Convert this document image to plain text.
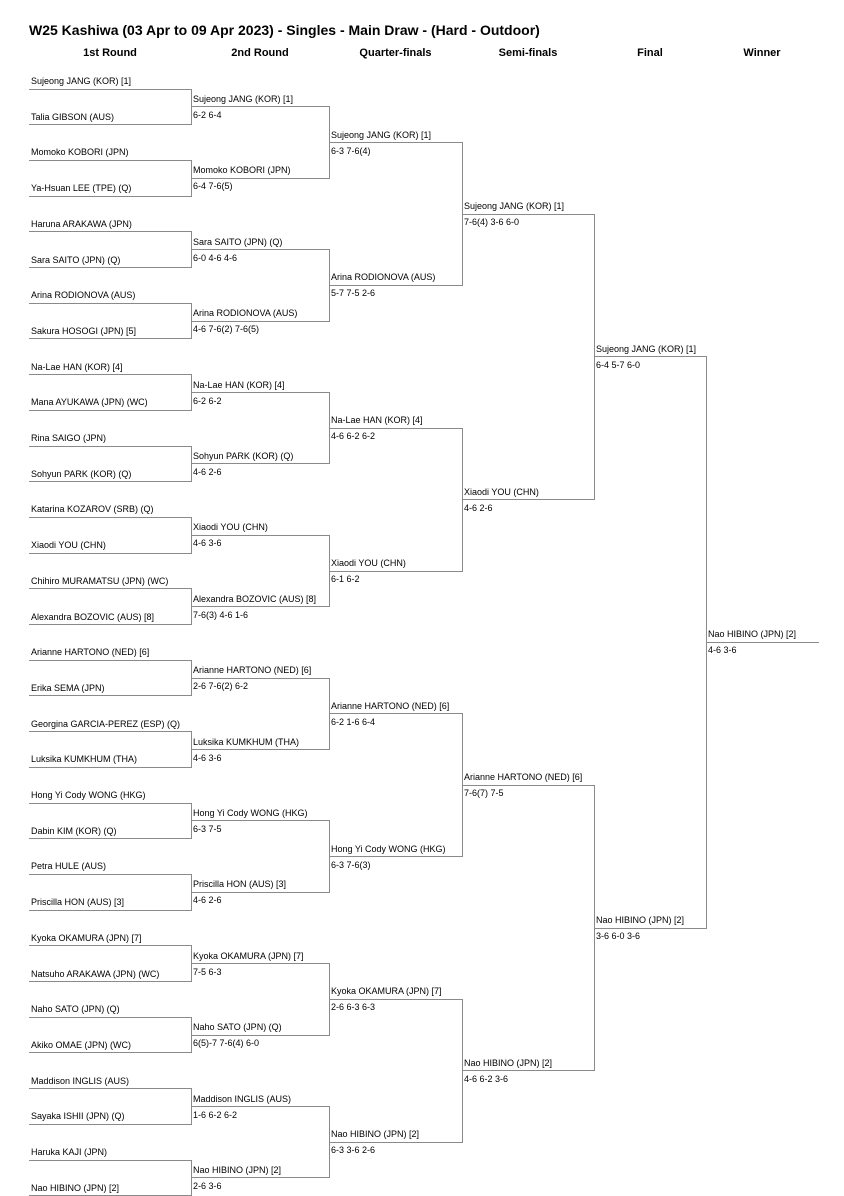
W25 Kashiwa (03 Apr to 09 Apr 2023) - Singles - Main Draw - (Hard - Outdoor)
1st Round	2nd Round	Quarter-finals	Semi-finals	Final	Winner
Sujeong JANG (KOR) [1]
Talia GIBSON (AUS)
Momoko KOBORI (JPN)
Ya-Hsuan LEE (TPE) (Q)
Haruna ARAKAWA (JPN)
Sara SAITO (JPN) (Q)
Arina RODIONOVA (AUS)
Sakura HOSOGI (JPN) [5]
Na-Lae HAN (KOR) [4]
Mana AYUKAWA (JPN) (WC)
Rina SAIGO (JPN)
Sohyun PARK (KOR) (Q)
Katarina KOZAROV (SRB) (Q)
Xiaodi YOU (CHN)
Chihiro MURAMATSU (JPN) (WC)
Alexandra BOZOVIC (AUS) [8]
Arianne HARTONO (NED) [6]
Erika SEMA (JPN)
Georgina GARCIA-PEREZ (ESP) (Q)
Luksika KUMKHUM (THA)
Hong Yi Cody WONG (HKG)
Dabin KIM (KOR) (Q)
Petra HULE (AUS)
Priscilla HON (AUS) [3]
Kyoka OKAMURA (JPN) [7]
Natsuho ARAKAWA (JPN) (WC)
Naho SATO (JPN) (Q)
Akiko OMAE (JPN) (WC)
Maddison INGLIS (AUS)
Sayaka ISHII (JPN) (Q)
Haruka KAJI (JPN)
Nao HIBINO (JPN) [2]
Sujeong JANG (KOR) [1]
6-2 6-4
Momoko KOBORI (JPN)
6-4 7-6(5)
Sara SAITO (JPN) (Q)
6-0 4-6 4-6
Arina RODIONOVA (AUS)
4-6 7-6(2) 7-6(5)
Na-Lae HAN (KOR) [4]
6-2 6-2
Sohyun PARK (KOR) (Q)
4-6 2-6
Xiaodi YOU (CHN)
4-6 3-6
Alexandra BOZOVIC (AUS) [8]
7-6(3) 4-6 1-6
Arianne HARTONO (NED) [6]
2-6 7-6(2) 6-2
Luksika KUMKHUM (THA)
4-6 3-6
Hong Yi Cody WONG (HKG)
6-3 7-5
Priscilla HON (AUS) [3]
4-6 2-6
Kyoka OKAMURA (JPN) [7]
7-5 6-3
Naho SATO (JPN) (Q)
6(5)-7 7-6(4) 6-0
Maddison INGLIS (AUS)
1-6 6-2 6-2
Nao HIBINO (JPN) [2]
2-6 3-6
Sujeong JANG (KOR) [1]
6-3 7-6(4)
Arina RODIONOVA (AUS)
5-7 7-5 2-6
Na-Lae HAN (KOR) [4]
4-6 6-2 6-2
Xiaodi YOU (CHN)
6-1 6-2
Arianne HARTONO (NED) [6]
6-2 1-6 6-4
Hong Yi Cody WONG (HKG)
6-3 7-6(3)
Kyoka OKAMURA (JPN) [7]
2-6 6-3 6-3
Nao HIBINO (JPN) [2]
6-3 3-6 2-6
Sujeong JANG (KOR) [1]
7-6(4) 3-6 6-0
Xiaodi YOU (CHN)
4-6 2-6
Arianne HARTONO (NED) [6]
7-6(7) 7-5
Nao HIBINO (JPN) [2]
4-6 6-2 3-6
Sujeong JANG (KOR) [1]
6-4 5-7 6-0
Nao HIBINO (JPN) [2]
3-6 6-0 3-6
Nao HIBINO (JPN) [2]
4-6 3-6
